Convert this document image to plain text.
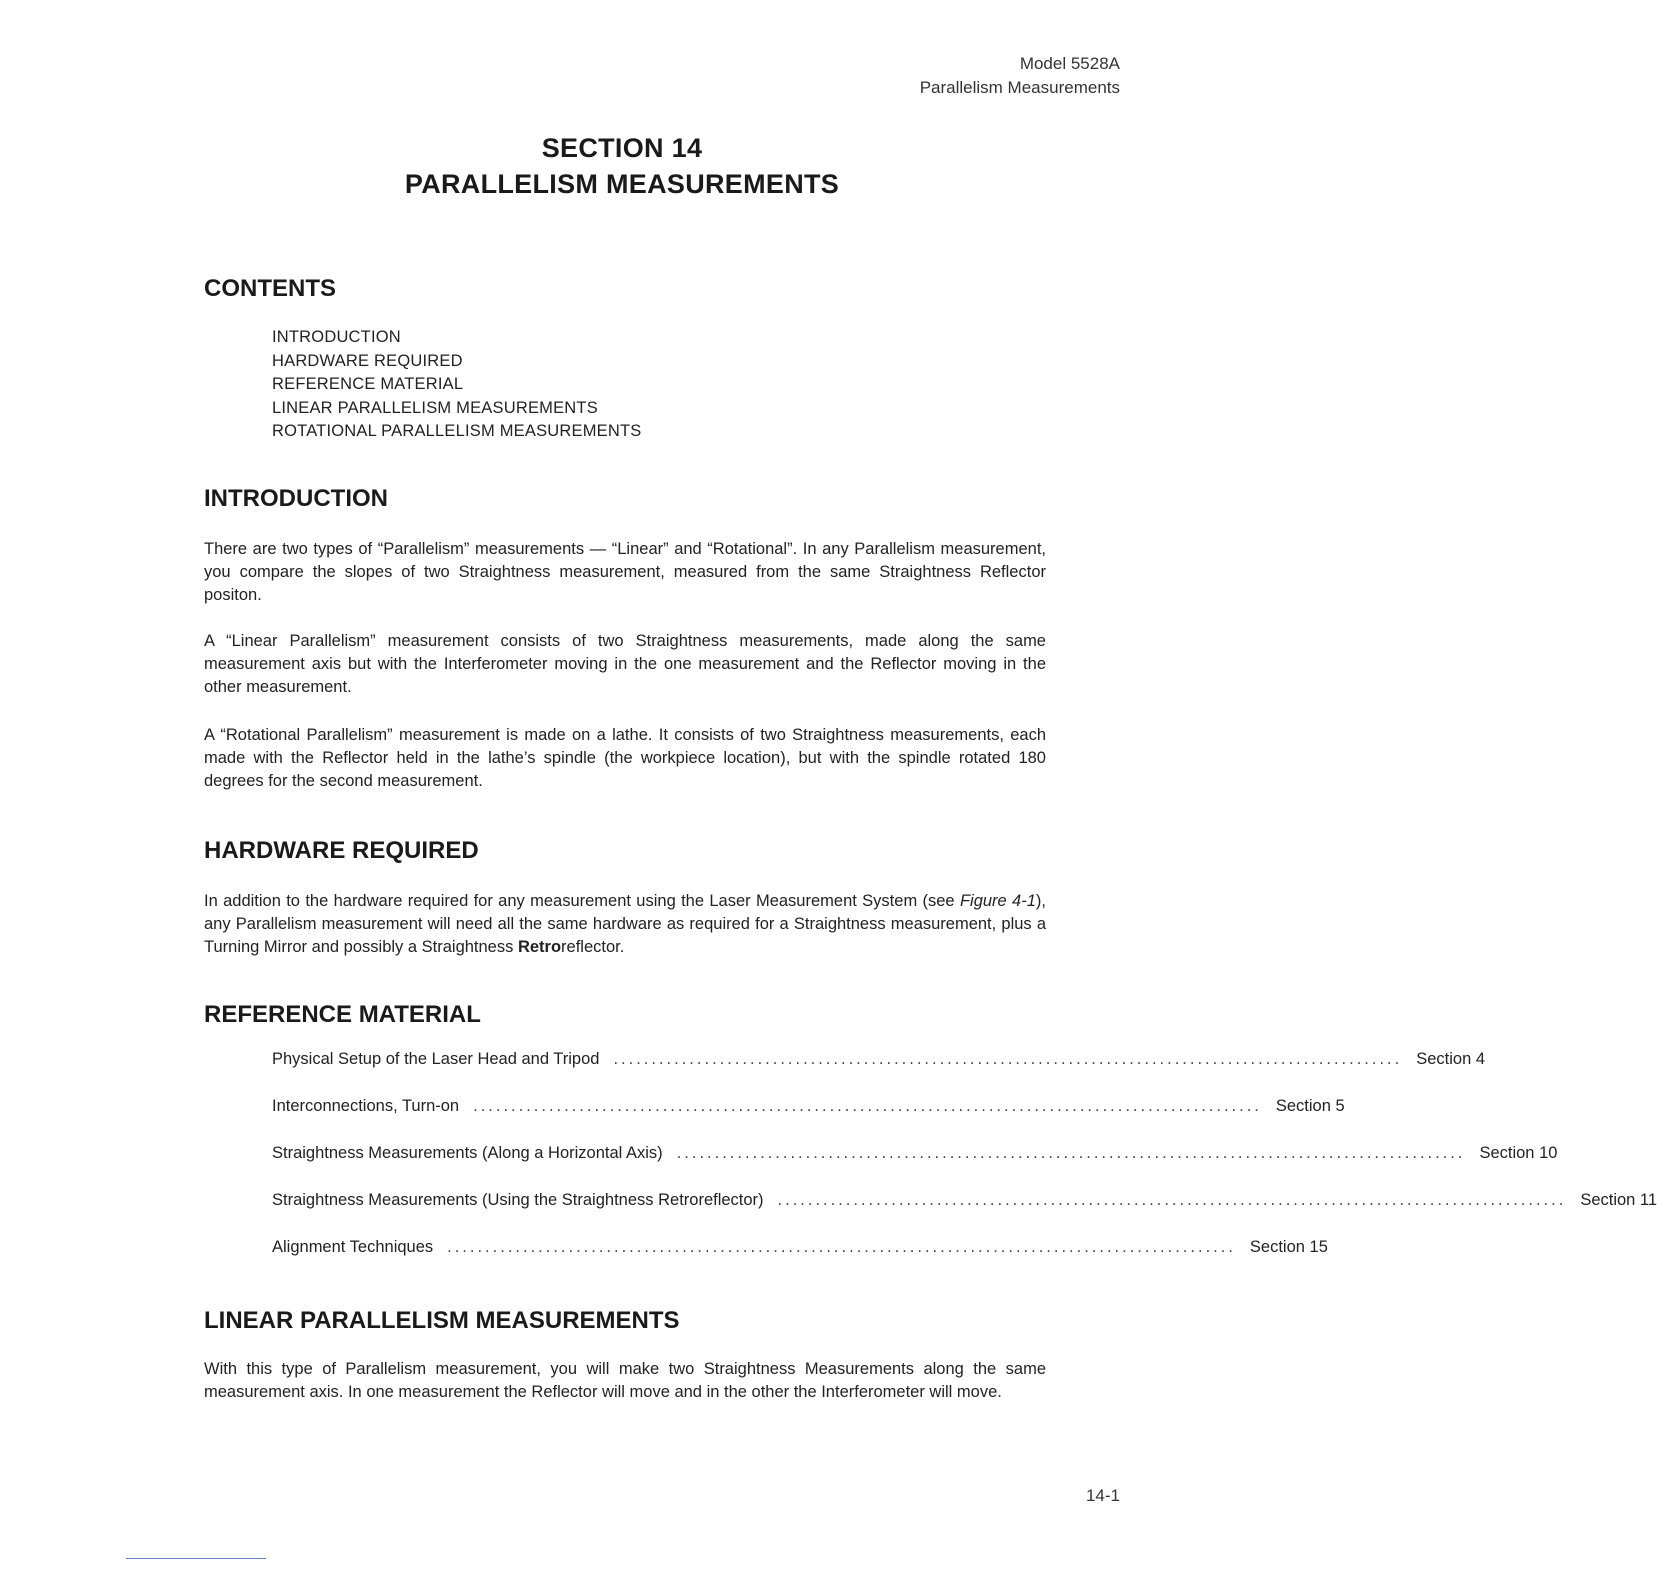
Model 5528A
Parallelism Measurements
SECTION 14
PARALLELISM MEASUREMENTS
CONTENTS
INTRODUCTION
HARDWARE REQUIRED
REFERENCE MATERIAL
LINEAR PARALLELISM MEASUREMENTS
ROTATIONAL PARALLELISM MEASUREMENTS
INTRODUCTION

There are two types of “Parallelism” measurements — “Linear” and “Rotational”. In any Parallelism measurement, you compare the slopes of two Straightness measurement, measured from the same Straightness Reflector positon.

A “Linear Parallelism” measurement consists of two Straightness measurements, made along the same measurement axis but with the Interferometer moving in the one measurement and the Reflector moving in the other measurement.

A “Rotational Parallelism” measurement is made on a lathe. It consists of two Straightness measurements, each made with the Reflector held in the lathe’s spindle (the workpiece location), but with the spindle rotated 180 degrees for the second measurement.

HARDWARE REQUIRED

In addition to the hardware required for any measurement using the Laser Measurement System (see Figure 4-1), any Parallelism measurement will need all the same hardware as required for a Straightness measurement, plus a Turning Mirror and possibly a Straightness Retroreflector.

REFERENCE MATERIAL
Physical Setup of the Laser Head and Tripod ........................................................................................................ Section 4
Interconnections, Turn-on ........................................................................................................ Section 5
Straightness Measurements (Along a Horizontal Axis) ........................................................................................................ Section 10
Straightness Measurements (Using the Straightness Retroreflector) ........................................................................................................ Section 11
Alignment Techniques ........................................................................................................ Section 15
LINEAR PARALLELISM MEASUREMENTS

With this type of Parallelism measurement, you will make two Straightness Measurements along the same measurement axis. In one measurement the Reflector will move and in the other the Interferometer will move.

14-1
